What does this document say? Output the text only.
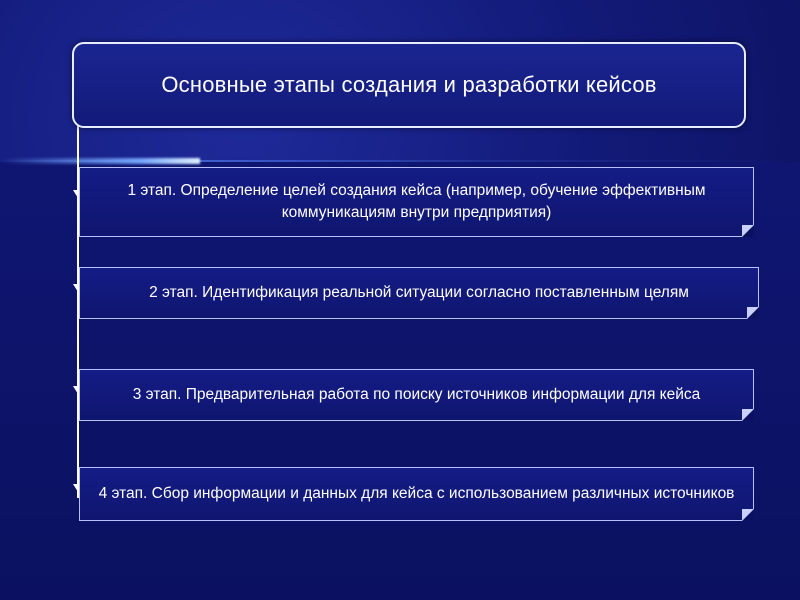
Основные этапы создания и разработки кейсов
1 этап. Определение целей создания кейса (например, обучение эффективным коммуникациям внутри предприятия)
2 этап. Идентификация реальной ситуации согласно поставленным целям
3 этап. Предварительная работа по поиску источников информации для кейса
4 этап. Сбор информации и данных для кейса с использованием различных источников
